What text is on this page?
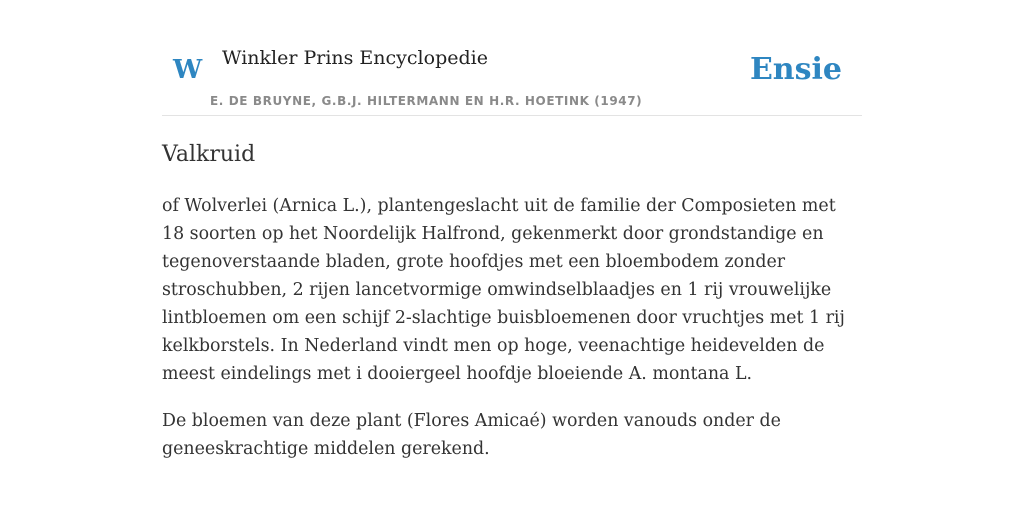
W Winkler Prins Encyclopedie
E. DE BRUYNE, G.B.J. HILTERMANN EN H.R. HOETINK (1947)
Ensie
Valkruid

of Wolverlei (Arnica L.), plantengeslacht uit de familie der Composieten met 18 soorten op het Noordelijk Halfrond, gekenmerkt door grondstandige en tegenoverstaande bladen, grote hoofdjes met een bloembodem zonder stroschubben, 2 rijen lancetvormige omwindselblaadjes en 1 rij vrouwelijke lintbloemen om een schijf 2-slachtige buisbloemenen door vruchtjes met 1 rij kelkborstels. In Nederland vindt men op hoge, veenachtige heidevelden de meest eindelings met i dooiergeel hoofdje bloeiende A. montana L.

De bloemen van deze plant (Flores Amicaé) worden vanouds onder de geneeskrachtige middelen gerekend.
